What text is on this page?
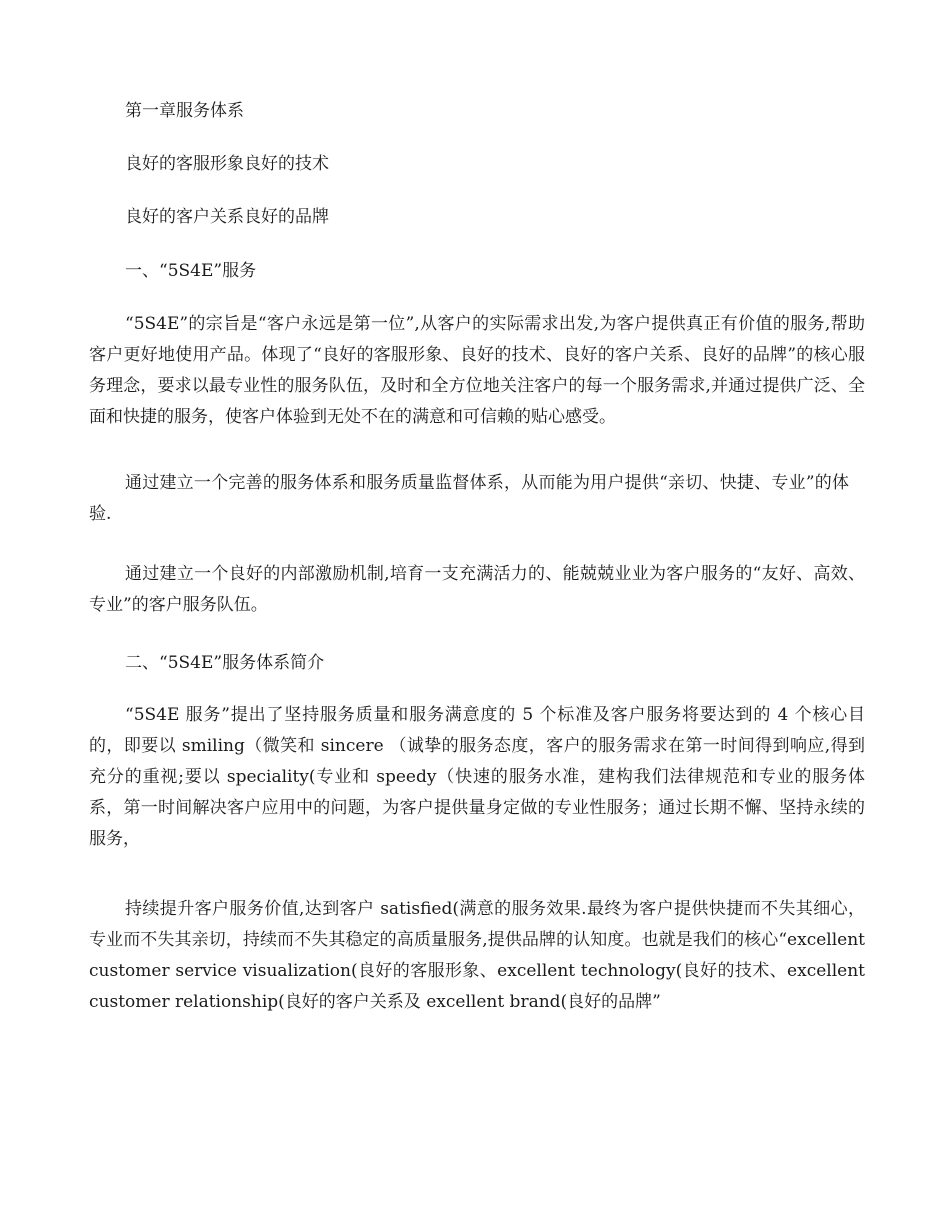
第一章服务体系

良好的客服形象良好的技术

良好的客户关系良好的品牌

一、“5S4E”服务

“5S4E”的宗旨是“客户永远是第一位”,从客户的实际需求出发,为客户提供真正有价值的服务,帮助客户更好地使用产品。体现了“良好的客服形象、良好的技术、良好的客户关系、良好的品牌”的核心服务理念，要求以最专业性的服务队伍，及时和全方位地关注客户的每一个服务需求,并通过提供广泛、全面和快捷的服务，使客户体验到无处不在的满意和可信赖的贴心感受。

通过建立一个完善的服务体系和服务质量监督体系，从而能为用户提供“亲切、快捷、专业”的体验.

通过建立一个良好的内部激励机制,培育一支充满活力的、能兢兢业业为客户服务的“友好、高效、专业”的客户服务队伍。

二、“5S4E”服务体系简介

“5S4E 服务”提出了坚持服务质量和服务满意度的 5 个标准及客户服务将要达到的 4 个核心目的，即要以 smiling（微笑和 sincere （诚挚的服务态度，客户的服务需求在第一时间得到响应,得到充分的重视;要以 speciality(专业和 speedy（快速的服务水准，建构我们法律规范和专业的服务体系，第一时间解决客户应用中的问题，为客户提供量身定做的专业性服务；通过长期不懈、坚持永续的服务，

持续提升客户服务价值,达到客户 satisfied(满意的服务效果.最终为客户提供快捷而不失其细心，专业而不失其亲切，持续而不失其稳定的高质量服务,提供品牌的认知度。也就是我们的核心“excellent customer service visualization(良好的客服形象、excellent technology(良好的技术、excellent customer relationship(良好的客户关系及 excellent brand(良好的品牌”
